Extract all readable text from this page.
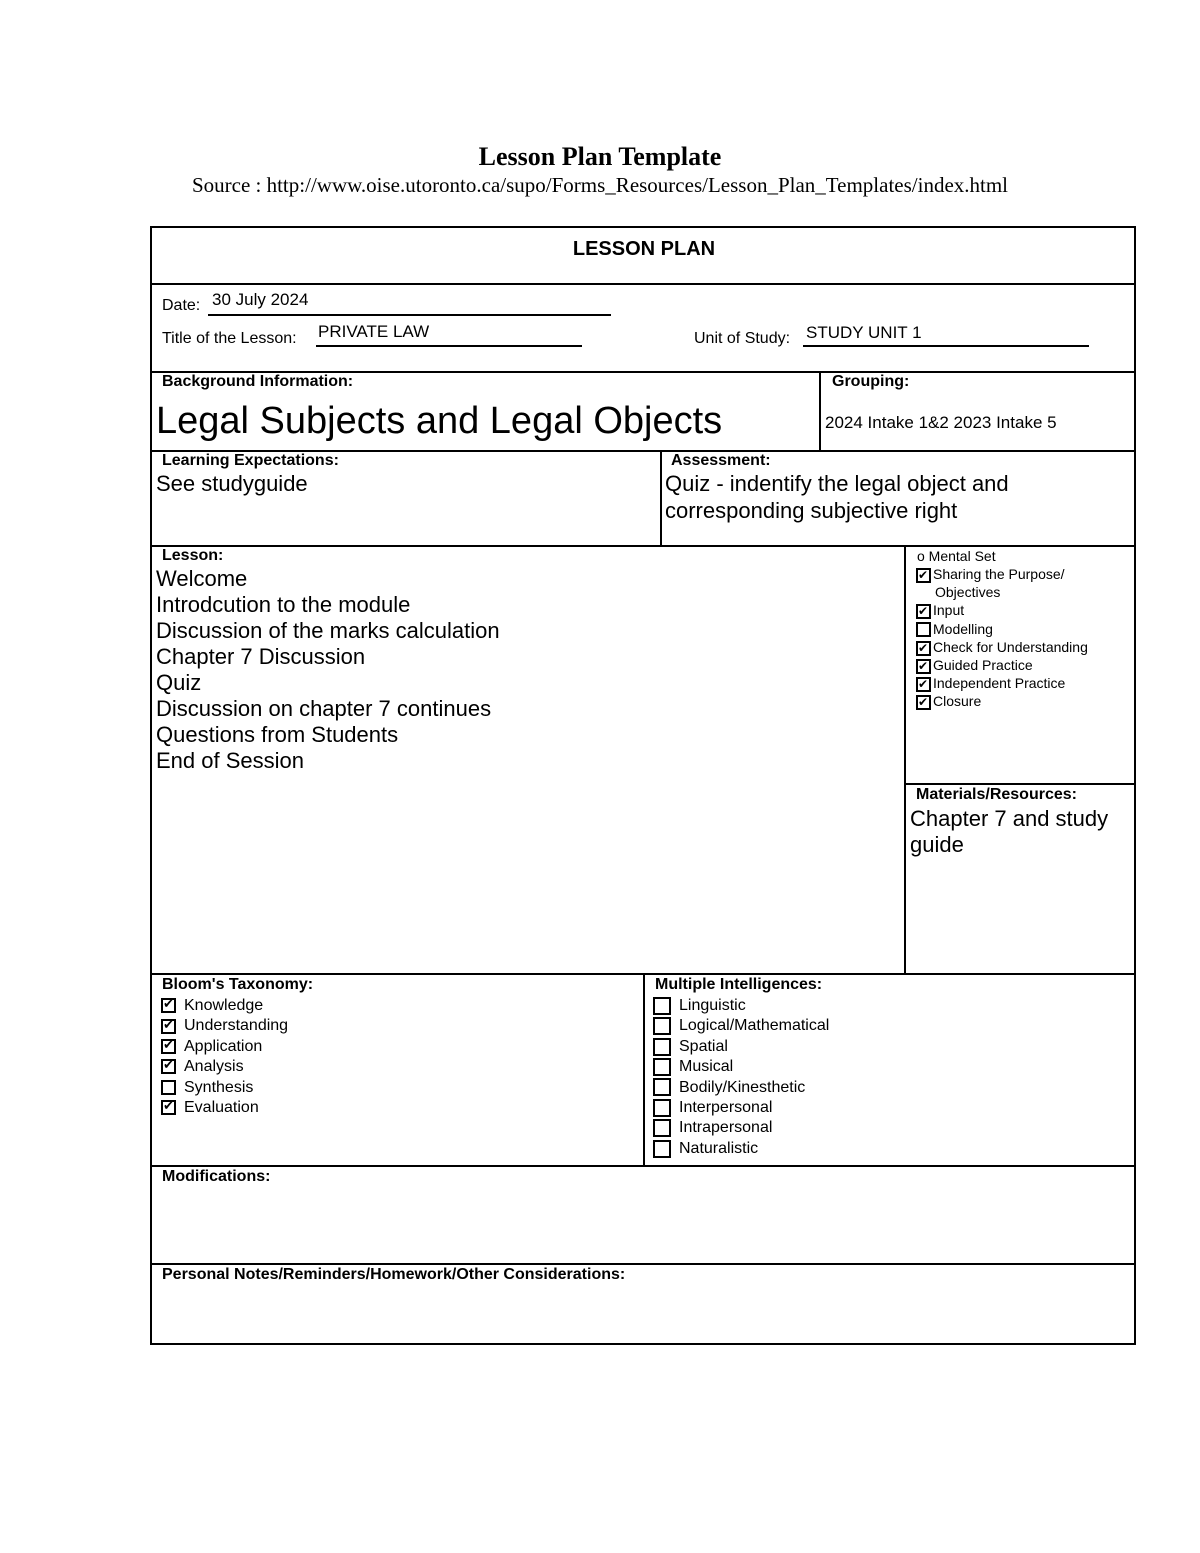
Lesson Plan Template
Source : http://www.oise.utoronto.ca/supo/Forms_Resources/Lesson_Plan_Templates/index.html
LESSON PLAN
Date: 30 July 2024
Title of the Lesson: PRIVATE LAW	Unit of Study: STUDY UNIT 1
Background Information:
Legal Subjects and Legal Objects
Grouping:
2024 Intake 1&2 2023 Intake 5
Learning Expectations:
See studyguide
Assessment:
Quiz - indentify the legal object and
corresponding subjective right
Lesson:
Welcome
Introdcution to the module
Discussion of the marks calculation
Chapter 7 Discussion
Quiz
Discussion on chapter 7 continues
Questions from Students
End of Session
o Mental Set
✔Sharing the Purpose/
Objectives
✔Input
Modelling
✔Check for Understanding
✔Guided Practice
✔Independent Practice
✔Closure
Materials/Resources:
Chapter 7 and study
guide
Bloom's Taxonomy:
✔Knowledge
✔Understanding
✔Application
✔Analysis
Synthesis
✔Evaluation
Multiple Intelligences:
Linguistic
Logical/Mathematical
Spatial
Musical
Bodily/Kinesthetic
Interpersonal
Intrapersonal
Naturalistic
Modifications:
Personal Notes/Reminders/Homework/Other Considerations:
